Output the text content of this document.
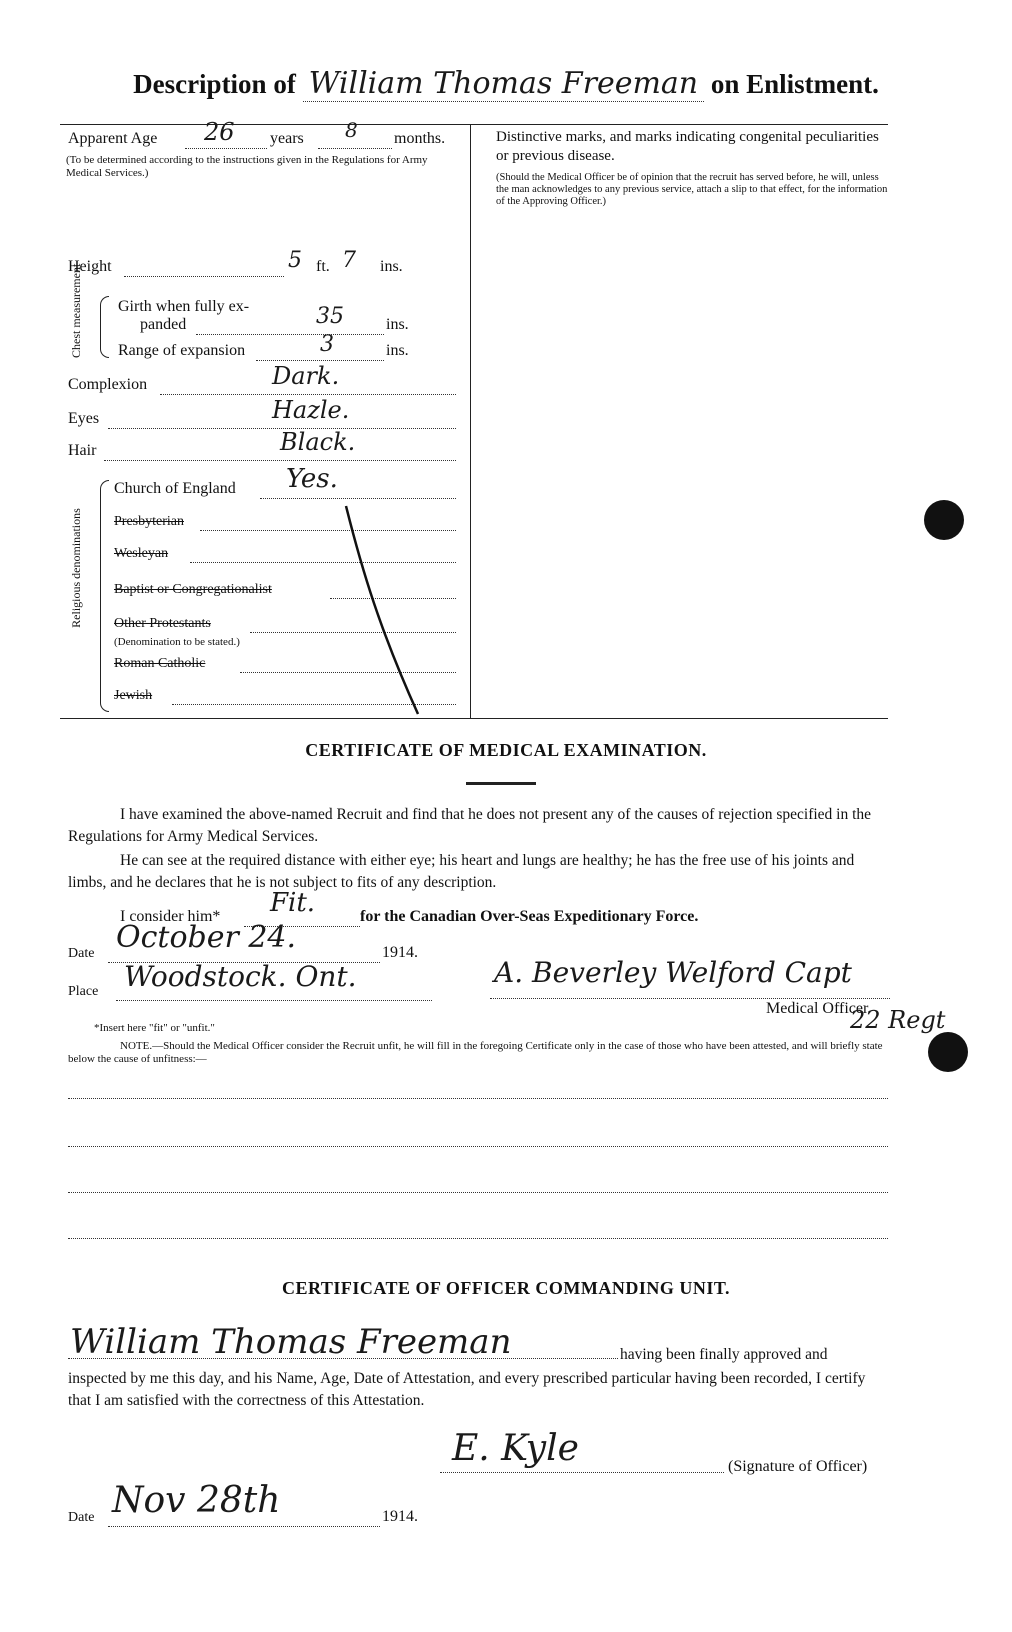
Description of William Thomas Freeman on Enlistment.
Apparent Age 26 years 8 months.
(To be determined according to the instructions given in the Regulations for Army Medical Services.)
Distinctive marks, and marks indicating congenital peculiarities or previous disease.
(Should the Medical Officer be of opinion that the recruit has served before, he will, unless the man acknowledges to any previous service, attach a slip to that effect, for the information of the Approving Officer.)
Height	5 ft. 7 ins.
Chest measurement Girth when fully ex-
panded	35	ins.
Range of expansion	3	ins.
Complexion	Dark.
Eyes	Hazle.
Hair	Black.
Religious denominations
Church of England Yes.
Presbyterian
Wesleyan
Baptist or Congregationalist
Other Protestants
(Denomination to be stated.)
Roman Catholic
Jewish
CERTIFICATE OF MEDICAL EXAMINATION.
I have examined the above-named Recruit and find that he does not present any of the causes of rejection specified in the Regulations for Army Medical Services.
He can see at the required distance with either eye; his heart and lungs are healthy; he has the free use of his joints and limbs, and he declares that he is not subject to fits of any description.
I consider him* Fit.	for the Canadian Over-Seas Expeditionary Force.
Date October 24.	1914.
Place Woodstock. Ont.	A. Beverley Welford Capt
Medical Officer.
22 Regt
*Insert here "fit" or "unfit."
NOTE.—Should the Medical Officer consider the Recruit unfit, he will fill in the foregoing Certificate only in the case of those who have been attested, and will briefly state below the cause of unfitness:—
CERTIFICATE OF OFFICER COMMANDING UNIT.
William Thomas Freeman	having been finally approved and
inspected by me this day, and his Name, Age, Date of Attestation, and every prescribed particular having been recorded, I certify that I am satisfied with the correctness of this Attestation.
E. Kyle	(Signature of Officer)
Date Nov 28th	1914.
